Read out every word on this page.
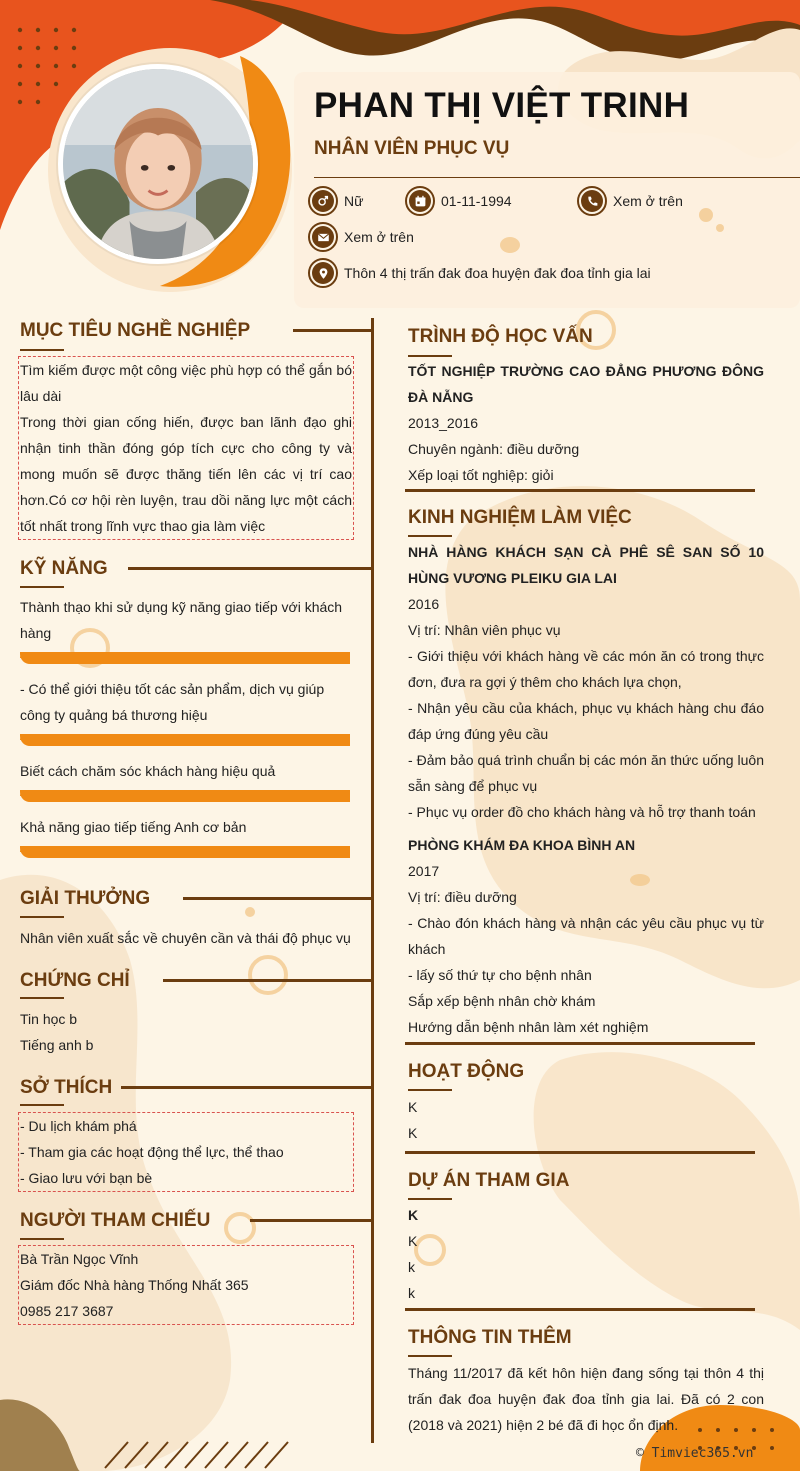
PHAN THỊ VIỆT TRINH
NHÂN VIÊN PHỤC VỤ
Nữ	01-11-1994	Xem ở trên
Xem ở trên
Thôn 4 thị trấn đak đoa huyện đak đoa tỉnh gia lai
MỤC TIÊU NGHỀ NGHIỆP
Tìm kiếm được một công việc phù hợp có thể gắn bó lâu dài
Trong thời gian cống hiến, được ban lãnh đạo ghi nhận tinh thần đóng góp tích cực cho công ty và mong muốn sẽ được thăng tiến lên các vị trí cao hơn.Có cơ hội rèn luyện, trau dồi năng lực một cách tốt nhất trong lĩnh vực thao gia làm việc
KỸ NĂNG
Thành thạo khi sử dụng kỹ năng giao tiếp với khách hàng
- Có thể giới thiệu tốt các sản phẩm, dịch vụ giúp công ty quảng bá thương hiệu
Biết cách chăm sóc khách hàng hiệu quả
Khả năng giao tiếp tiếng Anh cơ bản
GIẢI THƯỞNG
Nhân viên xuất sắc về chuyên cần và thái độ phục vụ
CHỨNG CHỈ
Tin học b
Tiếng anh b
SỞ THÍCH
- Du lịch khám phá
- Tham gia các hoạt động thể lực, thể thao
- Giao lưu với bạn bè
NGƯỜI THAM CHIẾU
Bà Trần Ngọc Vĩnh
Giám đốc Nhà hàng Thống Nhất 365
0985 217 3687
TRÌNH ĐỘ HỌC VẤN
TỐT NGHIỆP TRƯỜNG CAO ĐẲNG PHƯƠNG ĐÔNG ĐÀ NẴNG
2013_2016
Chuyên ngành: điều dưỡng
Xếp loại tốt nghiệp: giỏi
KINH NGHIỆM LÀM VIỆC
NHÀ HÀNG KHÁCH SẠN CÀ PHÊ SÊ SAN SỐ 10 HÙNG VƯƠNG PLEIKU GIA LAI
2016
Vị trí: Nhân viên phục vụ
- Giới thiệu với khách hàng về các món ăn có trong thực đơn, đưa ra gợi ý thêm cho khách lựa chọn,
- Nhận yêu cầu của khách, phục vụ khách hàng chu đáo đáp ứng đúng yêu cầu
- Đảm bảo quá trình chuẩn bị các món ăn thức uống luôn sẵn sàng để phục vụ
- Phục vụ order đồ cho khách hàng và hỗ trợ thanh toán
PHÒNG KHÁM ĐA KHOA BÌNH AN
2017
Vị trí: điều dưỡng
- Chào đón khách hàng và nhận các yêu cầu phục vụ từ khách
- lấy số thứ tự cho bệnh nhân
Sắp xếp bệnh nhân chờ khám
Hướng dẫn bệnh nhân làm xét nghiệm
HOẠT ĐỘNG
K
K
DỰ ÁN THAM GIA
K
K
k
k
THÔNG TIN THÊM
Tháng 11/2017 đã kết hôn hiện đang sống tại thôn 4 thị trấn đak đoa huyện đak đoa tỉnh gia lai. Đã có 2 con (2018 và 2021) hiện 2 bé đã đi học ổn định.
© Timviec365.vn
